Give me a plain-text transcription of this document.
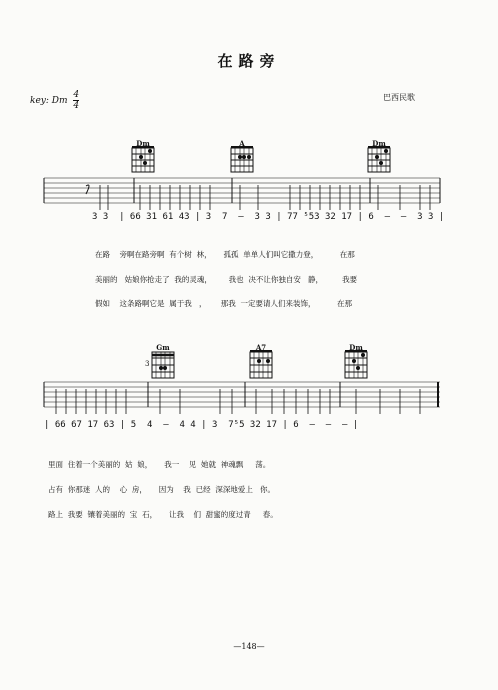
在路旁
key: Dm $\frac{4}{4}$	巴西民歌
Dm	A	Dm
3 3  | 66 31 61 43 | 3  7  —  3 3 | 77 ⁵53 32 17 | 6  —  —  3 3 |
在路    旁啊在路旁啊  有个树  林，     孤孤  单单人们叫它撒力登，         在那
美丽的   姑娘你抢走了  我的灵魂，       我也  决不让你独自安   静，        我要
假如    这条路啊它是  属于我   ，      那我  一定要请人们来装饰，         在那
Gm	A7	Dm
3
| 66 67 17 63 | 5  4  —  4 4 | 3  7⁵5 32 17 | 6  —  —  — |
里面  住着一个美丽的  姑  娘，     我一    见  她就  神魂飘     荡。
占有  你那迷  人的    心  房，     因为    我  已经  深深地爱上   你。
路上  我要  镶着美丽的  宝  石，     让我    们  甜蜜的度过青     春。
—148—
